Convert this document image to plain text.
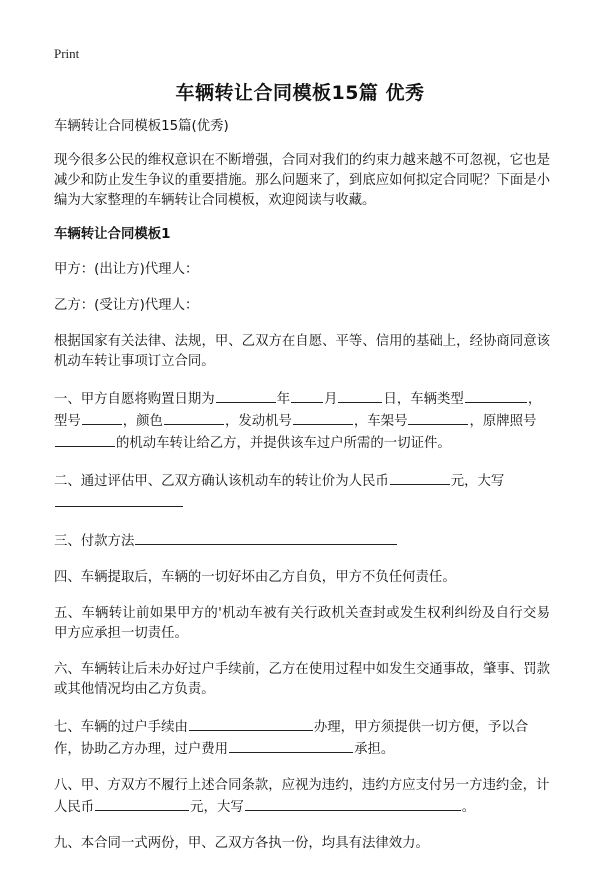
Print
车辆转让合同模板15篇 优秀

车辆转让合同模板15篇(优秀)

现今很多公民的维权意识在不断增强，合同对我们的约束力越来越不可忽视，它也是减少和防止发生争议的重要措施。那么问题来了，到底应如何拟定合同呢？下面是小编为大家整理的车辆转让合同模板，欢迎阅读与收藏。

车辆转让合同模板1

甲方：(出让方)代理人：

乙方：(受让方)代理人：

根据国家有关法律、法规，甲、乙双方在自愿、平等、信用的基础上，经协商同意该机动车转让事项订立合同。

一、甲方自愿将购置日期为	年	月	日，车辆类型	，型号	，颜色	，发动机号	，车架号	，原牌照号的机动车转让给乙方，并提供该车过户所需的一切证件。

二、通过评估甲、乙双方确认该机动车的转让价为人民币	元，大写

三、付款方法

四、车辆提取后，车辆的一切好坏由乙方自负，甲方不负任何责任。

五、车辆转让前如果甲方的'机动车被有关行政机关查封或发生权利纠纷及自行交易甲方应承担一切责任。

六、车辆转让后未办好过户手续前，乙方在使用过程中如发生交通事故，肇事、罚款或其他情况均由乙方负责。

七、车辆的过户手续由	办理，甲方须提供一切方便，予以合作，协助乙方办理，过户费用	承担。

八、甲、方双方不履行上述合同条款，应视为违约，违约方应支付另一方违约金，计人民币	元，大写	。

九、本合同一式两份，甲、乙双方各执一份，均具有法律效力。
